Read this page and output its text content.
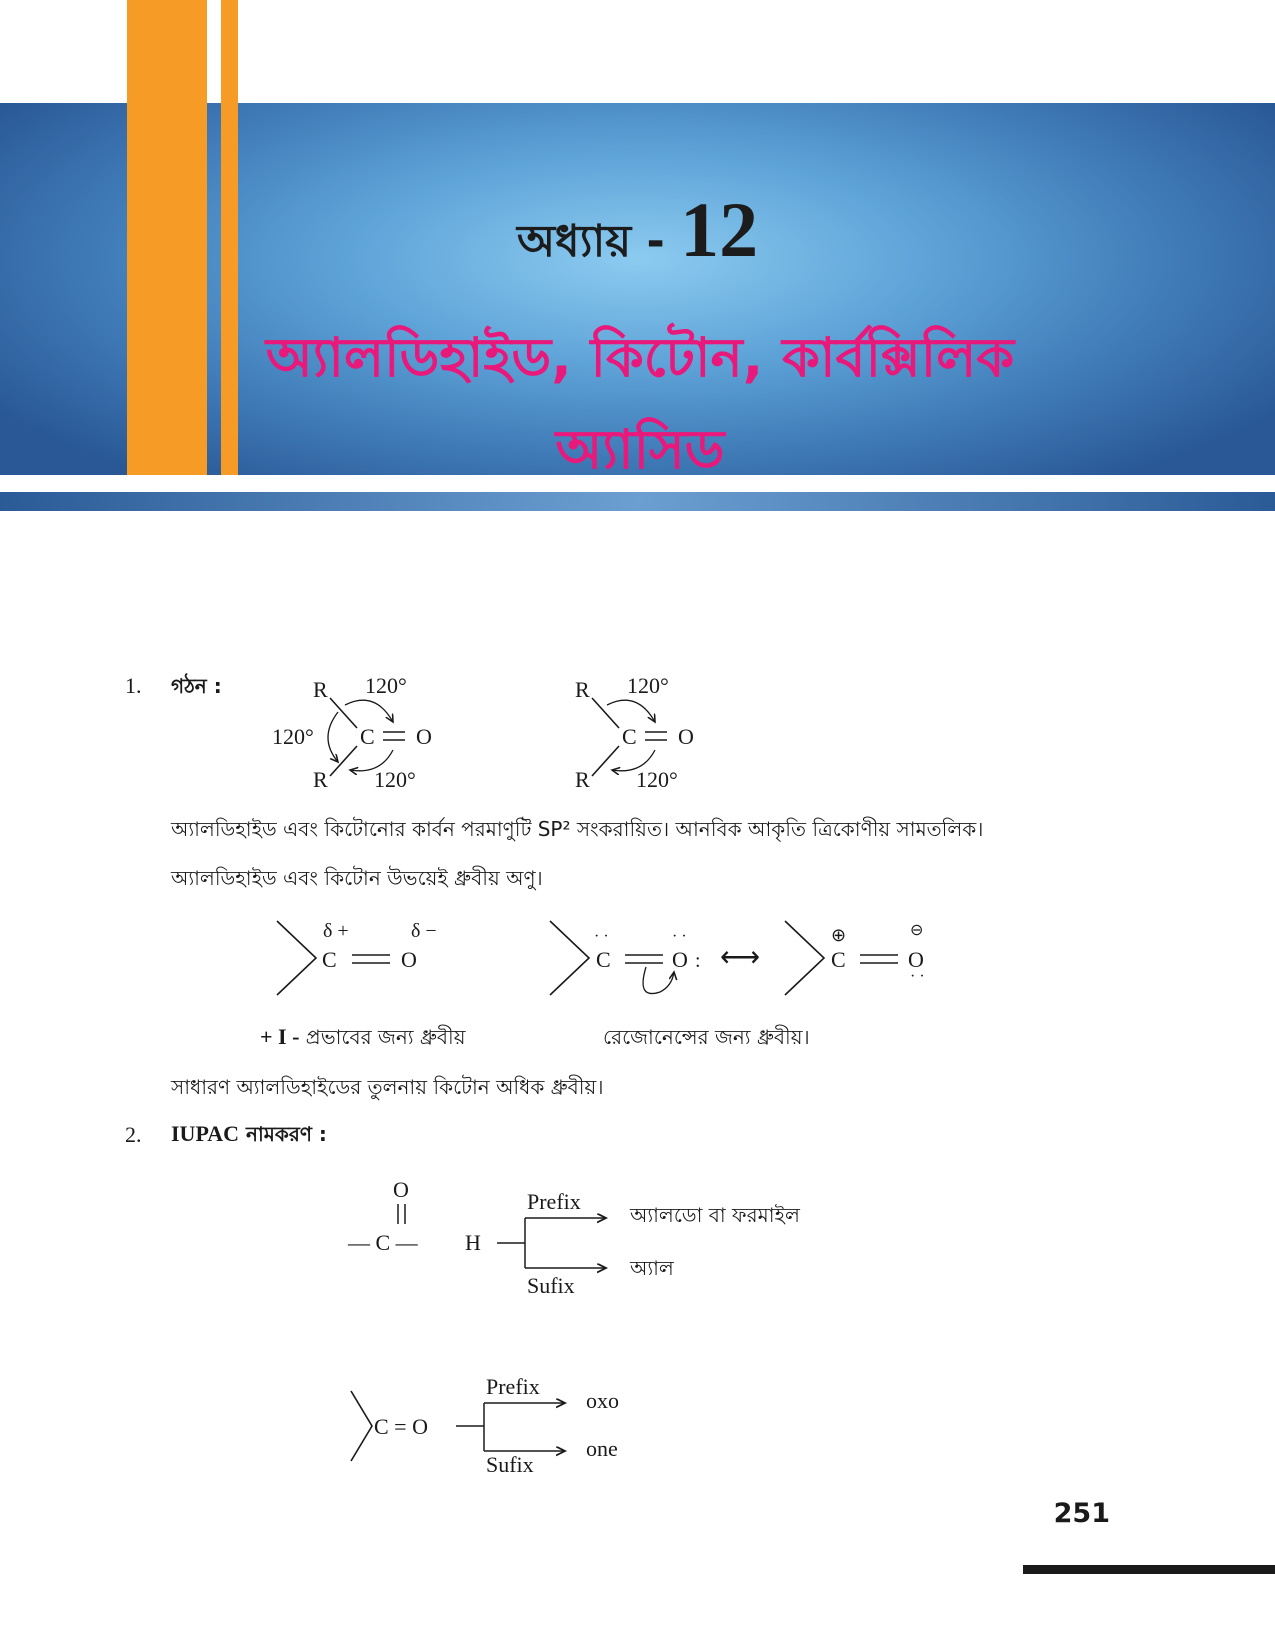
অধ্যায় - 12
অ্যালডিহাইড, কিটোন, কার্বক্সিলিক
অ্যাসিড
1. গঠন :	R 120°
120° C O
R 120°
R 120°
C O
R 120°
অ্যালডিহাইড এবং কিটোনোর কার্বন পরমাণুটি SP² সংকরায়িত। আনবিক আকৃতি ত্রিকোণীয় সামতলিক।
অ্যালডিহাইড এবং কিটোন উভয়েই ধ্রুবীয় অণু।
δ +	δ −
C	O
· ·
C
· ·
O : ⟷
⊕
C
⊖
O
· ·
+ I - প্রভাবের জন্য ধ্রুবীয়	রেজোনেন্সের জন্য ধ্রুবীয়।
সাধারণ অ্যালডিহাইডের তুলনায় কিটোন অধিক ধ্রুবীয়।
2. IUPAC নামকরণ :
O
— C — H
Prefix
Sufix
C = O
Prefix
Sufix
oxo
one
অ্যালডো বা ফরমাইল
অ্যাল
251
